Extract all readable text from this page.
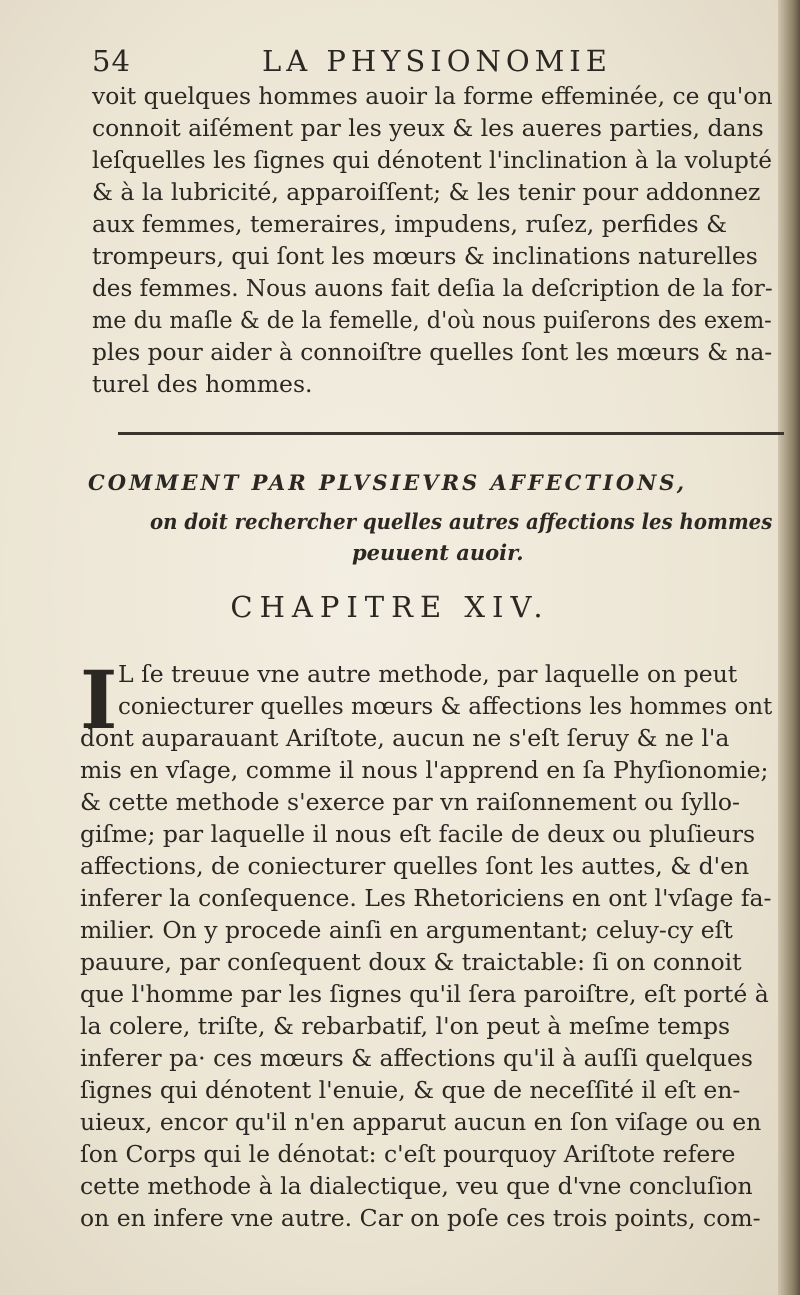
54	LA PHYSIONOMIE
voit quelques hommes auoir la forme effeminée, ce qu'on
connoit aiſément par les yeux & les aueres parties, dans
leſquelles les ſignes qui dénotent l'inclination à la volupté
& à la lubricité, apparoiſſent; & les tenir pour addonnez
aux femmes, temeraires, impudens, ruſez, perfides &
trompeurs, qui ſont les mœurs & inclinations naturelles
des femmes. Nous auons fait deſia la deſcription de la for-
me du maſle & de la femelle, d'où nous puiſerons des exem-
ples pour aider à connoiſtre quelles ſont les mœurs & na-
turel des hommes.
COMMENT PAR PLVSIEVRS AFFECTIONS,
on doit rechercher quelles autres affections les hommes
peuuent auoir.
CHAPITRE XIV.
I L ſe treuue vne autre methode, par laquelle on peut
coniecturer quelles mœurs & affections les hommes ont
dont auparauant Ariſtote, aucun ne s'eſt ſeruy & ne l'a
mis en vſage, comme il nous l'apprend en ſa Phyſionomie;
& cette methode s'exerce par vn raiſonnement ou ſyllo-
giſme; par laquelle il nous eſt facile de deux ou pluſieurs
affections, de coniecturer quelles ſont les auttes, & d'en
inferer la conſequence. Les Rhetoriciens en ont l'vſage fa-
milier. On y procede ainſi en argumentant; celuy-cy eſt
pauure, par conſequent doux & traictable: ſi on connoit
que l'homme par les ſignes qu'il ſera paroiſtre, eſt porté à
la colere, triſte, & rebarbatif, l'on peut à meſme temps
inferer pa· ces mœurs & affections qu'il à auſſi quelques
ſignes qui dénotent l'enuie, & que de neceſſité il eſt en-
uieux, encor qu'il n'en apparut aucun en ſon viſage ou en
ſon Corps qui le dénotat: c'eſt pourquoy Ariſtote refere
cette methode à la dialectique, veu que d'vne concluſion
on en infere vne autre. Car on poſe ces trois points, com-
